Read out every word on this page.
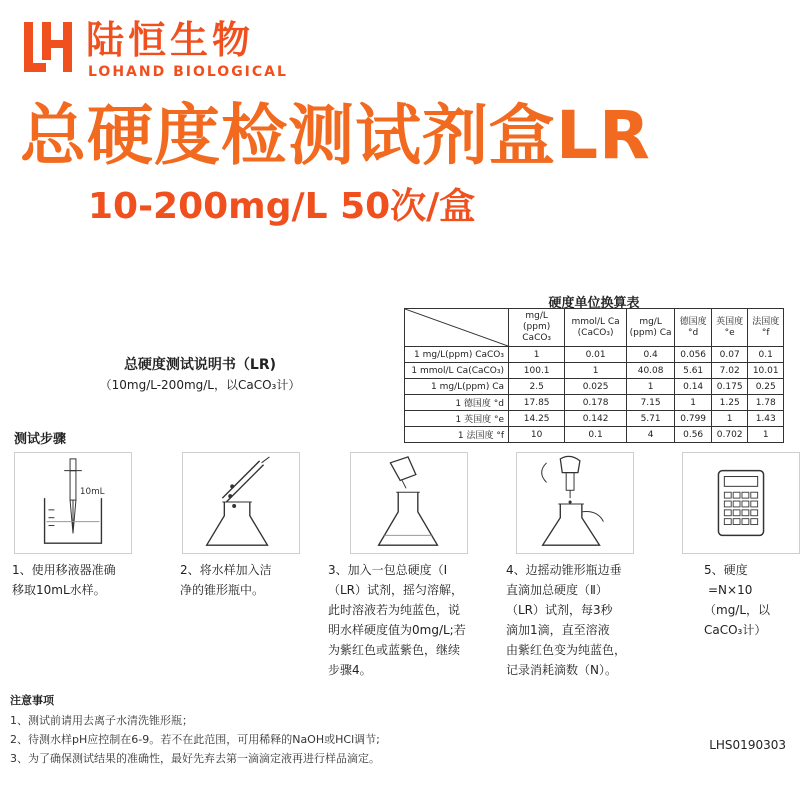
陆恒生物
LOHAND BIOLOGICAL
总硬度检测试剂盒LR
10-200mg/L 50次/盒
硬度单位换算表
	mg/L (ppm) CaCO₃	mmol/L Ca (CaCO₃)	mg/L (ppm) Ca	德国度 °d	英国度 °e	法国度 °f
1 mg/L(ppm) CaCO₃	1	0.01	0.4	0.056	0.07	0.1
1 mmol/L Ca(CaCO₃)	100.1	1	40.08	5.61	7.02	10.01
1 mg/L(ppm) Ca	2.5	0.025	1	0.14	0.175	0.25
1 德国度 °d	17.85	0.178	7.15	1	1.25	1.78
1 英国度 °e	14.25	0.142	5.71	0.799	1	1.43
1 法国度 °f	10	0.1	4	0.56	0.702	1
总硬度测试说明书（LR)
（10mg/L-200mg/L，以CaCO₃计）
测试步骤
10mL
1、使用移液器准确
移取10mL水样。
2、将水样加入洁
净的锥形瓶中。
3、加入一包总硬度（Ⅰ
（LR）试剂，摇匀溶解，
此时溶液若为纯蓝色，说
明水样硬度值为0mg/L;若
为紫红色或蓝紫色，继续
步骤4。
4、边摇动锥形瓶边垂
直滴加总硬度（Ⅱ）
（LR）试剂，每3秒
滴加1滴，直至溶液
由紫红色变为纯蓝色，
记录消耗滴数（N）。
5、硬度
=N×10
（mg/L，以
CaCO₃计）
注意事项
1、测试前请用去离子水清洗锥形瓶；
2、待测水样pH应控制在6-9。若不在此范围，可用稀释的NaOH或HCl调节;
3、为了确保测试结果的准确性，最好先弃去第一滴滴定液再进行样品滴定。
LHS0190303
